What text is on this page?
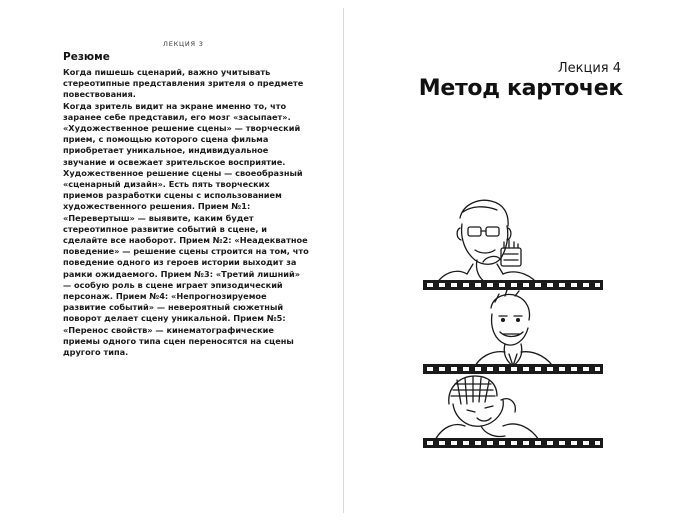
ЛЕКЦИЯ 3
Резюме

Когда пишешь сценарий, важно учитывать стереотипные представления зрителя о предмете повествования.

Когда зритель видит на экране именно то, что заранее себе представил, его мозг «засыпает». «Художественное решение сцены» — творческий прием, с помощью которого сцена фильма приобретает уникальное, индивидуальное звучание и освежает зрительское восприятие.

Художественное решение сцены — своеобразный «сценарный дизайн». Есть пять творческих приемов разработки сцены с использованием художественного решения. Прием №1: «Перевертыш» — выявите, каким будет стереотипное развитие событий в сцене, и сделайте все наоборот. Прием №2: «Неадекватное поведение» — решение сцены строится на том, что поведение одного из героев истории выходит за рамки ожидаемого. Прием №3: «Третий лишний» — особую роль в сцене играет эпизодический персонаж. Прием №4: «Непрогнозируемое развитие событий» — невероятный сюжетный поворот делает сцену уникальной. Прием №5: «Перенос свойств» — кинематографические приемы одного типа сцен переносятся на сцены другого типа.

Лекция 4
Метод карточек
